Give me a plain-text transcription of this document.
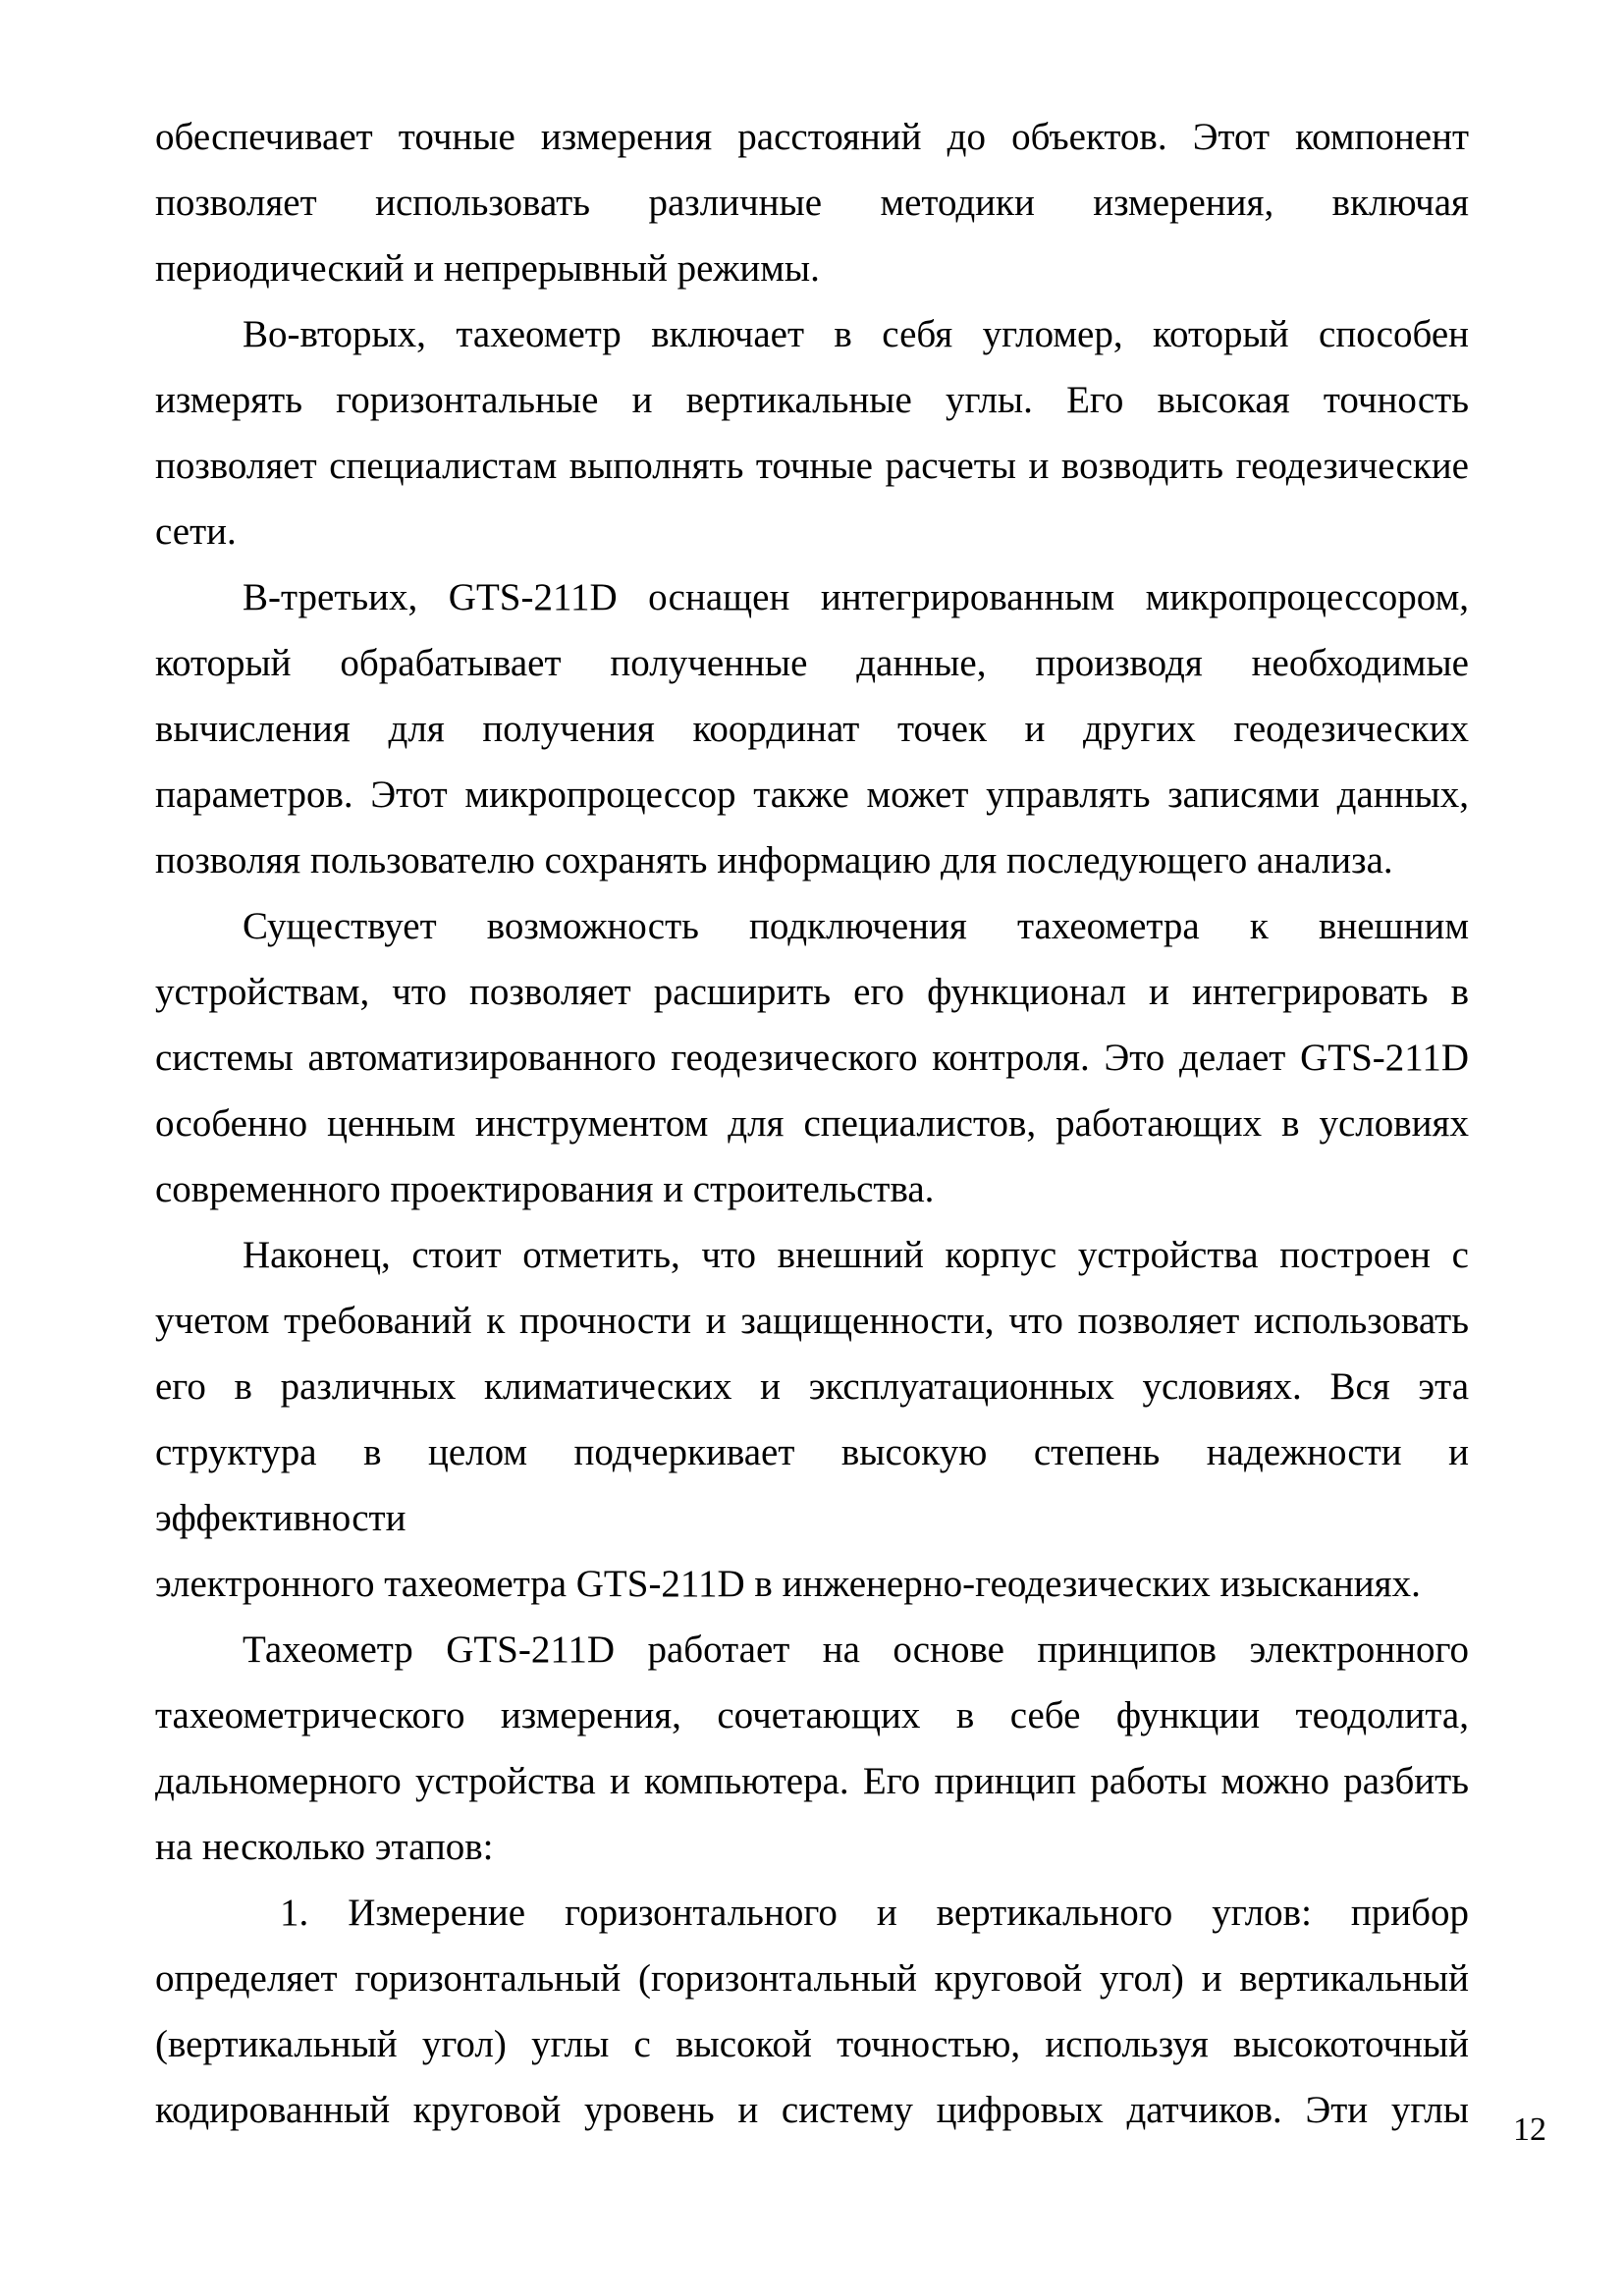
обеспечивает точные измерения расстояний до объектов. Этот компонент
позволяет использовать различные методики измерения, включая
периодический и непрерывный режимы.
Во-вторых, тахеометр включает в себя угломер, который способен
измерять горизонтальные и вертикальные углы. Его высокая точность
позволяет специалистам выполнять точные расчеты и возводить геодезические
сети.
В-третьих, GTS-211D оснащен интегрированным микропроцессором,
который обрабатывает полученные данные, производя необходимые
вычисления для получения координат точек и других геодезических
параметров. Этот микропроцессор также может управлять записями данных,
позволяя пользователю сохранять информацию для последующего анализа.
Существует возможность подключения тахеометра к внешним
устройствам, что позволяет расширить его функционал и интегрировать в
системы автоматизированного геодезического контроля. Это делает GTS-211D
особенно ценным инструментом для специалистов, работающих в условиях
современного проектирования и строительства.
Наконец, стоит отметить, что внешний корпус устройства построен с
учетом требований к прочности и защищенности, что позволяет использовать
его в различных климатических и эксплуатационных условиях. Вся эта
структура в целом подчеркивает высокую степень надежности и эффективности
электронного тахеометра GTS-211D в инженерно-геодезических изысканиях.
Тахеометр GTS-211D работает на основе принципов электронного
тахеометрического измерения, сочетающих в себе функции теодолита,
дальномерного устройства и компьютера. Его принцип работы можно разбить
на несколько этапов:
1. Измерение горизонтального и вертикального углов: прибор
определяет горизонтальный (горизонтальный круговой угол) и вертикальный
(вертикальный угол) углы с высокой точностью, используя высокоточный
кодированный круговой уровень и систему цифровых датчиков. Эти углы 12
